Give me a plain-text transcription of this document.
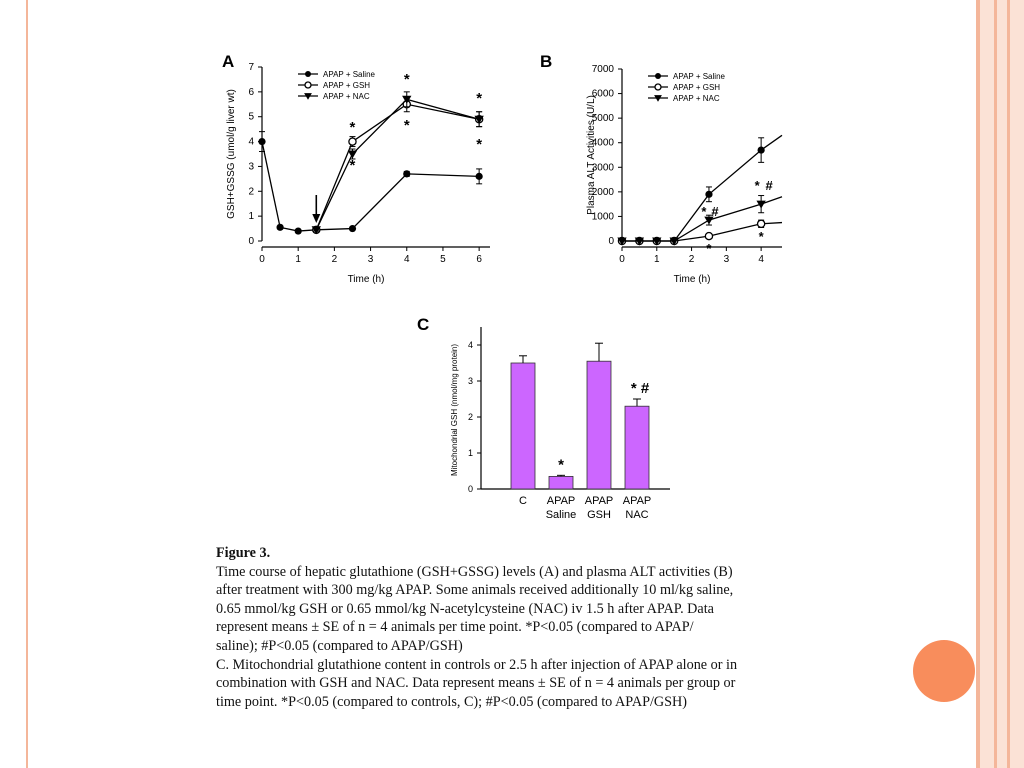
A
0
1
2
3
4
5
6
7
0	1	2	3	4	5	6
Time (h)
GSH+GSSG (umol/g liver wt)
APAP + Saline
APAP + GSH
APAP + NAC
*
*
*
*
*
*
B
0
1000
2000
3000
4000
5000
6000
7000
0	1	2	3	4
Time (h)
Plasma ALT Activities (U/L)
APAP + Saline
APAP + GSH
APAP + NAC
* #
* #
*
*
C
0
1
2
3
4
Mitochondrial GSH (nmol/mg protein)
C APAP
Saline
*
APAP
GSH
APAP
NAC
* #
Figure 3.
Time course of hepatic glutathione (GSH+GSSG) levels (A) and plasma ALT activities (B)
after treatment with 300 mg/kg APAP. Some animals received additionally 10 ml/kg saline,
0.65 mmol/kg GSH or 0.65 mmol/kg N-acetylcysteine (NAC) iv 1.5 h after APAP. Data
represent means ± SE of n = 4 animals per time point. *P<0.05 (compared to APAP/
saline); #P<0.05 (compared to APAP/GSH)
C. Mitochondrial glutathione content in controls or 2.5 h after injection of APAP alone or in
combination with GSH and NAC. Data represent means ± SE of n = 4 animals per group or
time point. *P<0.05 (compared to controls, C); #P<0.05 (compared to APAP/GSH)
